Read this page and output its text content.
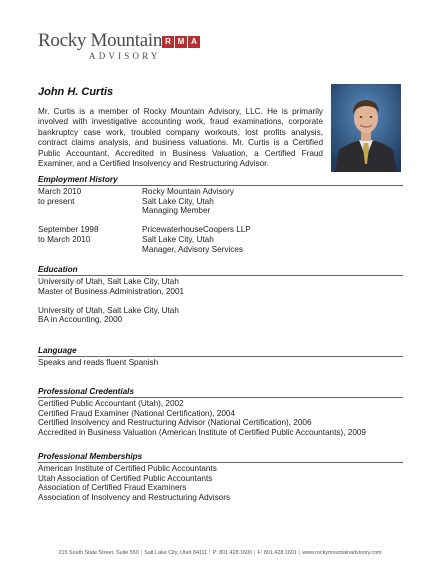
Rocky Mountain R M A
ADVISORY
John H. Curtis
Mr. Curtis is a member of Rocky Mountain Advisory, LLC. He is primarily involved with investigative accounting work, fraud examinations, corporate bankruptcy case work, troubled company workouts, lost profits analysis, contract claims analysis, and business valuations. Mr. Curtis is a Certified Public Accountant, Accredited in Business Valuation, a Certified Fraud Examiner, and a Certified Insolvency and Restructuring Advisor.
Employment History
March 2010
to present
Rocky Mountain Advisory
Salt Lake City, Utah
Managing Member
September 1998
to March 2010
PricewaterhouseCoopers LLP
Salt Lake City, Utah
Manager, Advisory Services
Education
University of Utah, Salt Lake City, Utah
Master of Business Administration, 2001
University of Utah, Salt Lake City, Utah
BA in Accounting, 2000
Language
Speaks and reads fluent Spanish
Professional Credentials
Certified Public Accountant (Utah), 2002
Certified Fraud Examiner (National Certification), 2004
Certified Insolvency and Restructuring Advisor (National Certification), 2006
Accredited in Business Valuation (American Institute of Certified Public Accountants), 2009
Professional Memberships
American Institute of Certified Public Accountants
Utah Association of Certified Public Accountants
Association of Certified Fraud Examiners
Association of Insolvency and Restructuring Advisors
215 South State Street, Suite 550 | Salt Lake City, Utah 84111 | P: 801.428.1600 | F: 801.428.1601 | www.rockymountainadvisory.com
